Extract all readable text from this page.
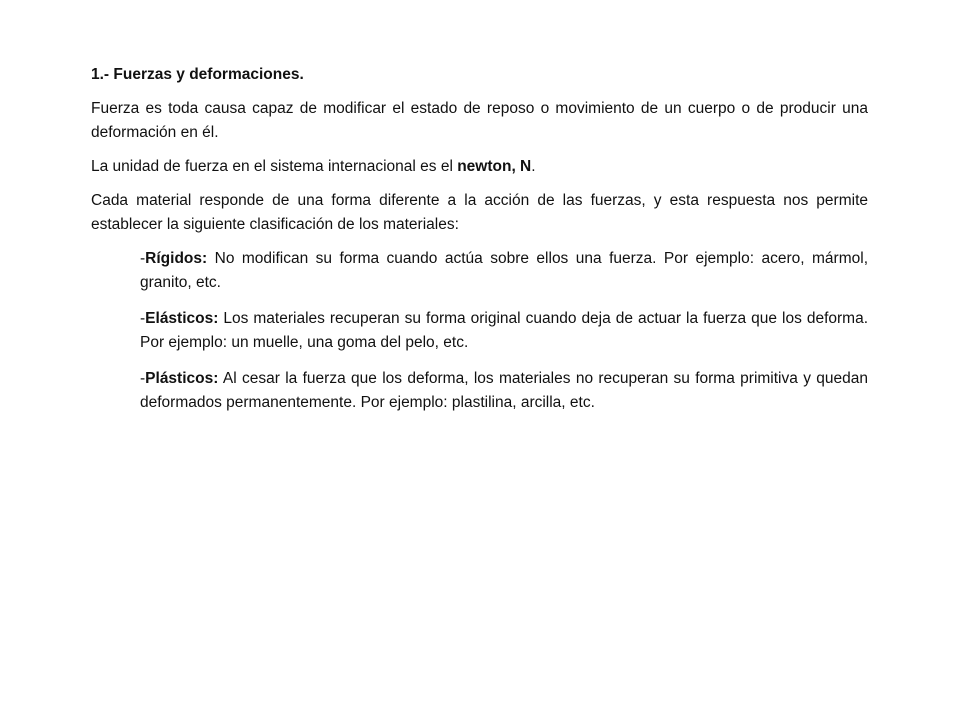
1.- Fuerzas y deformaciones.

Fuerza es toda causa capaz de modificar el estado de reposo o movimiento de un cuerpo o de producir una deformación en él.

La unidad de fuerza en el sistema internacional es el newton, N.

Cada material responde de una forma diferente a la acción de las fuerzas, y esta respuesta nos permite establecer la siguiente clasificación de los materiales:

-Rígidos: No modifican su forma cuando actúa sobre ellos una fuerza. Por ejemplo: acero, mármol, granito, etc.

-Elásticos: Los materiales recuperan su forma original cuando deja de actuar la fuerza que los deforma. Por ejemplo: un muelle, una goma del pelo, etc.

-Plásticos: Al cesar la fuerza que los deforma, los materiales no recuperan su forma primitiva y quedan deformados permanentemente. Por ejemplo: plastilina, arcilla, etc.
